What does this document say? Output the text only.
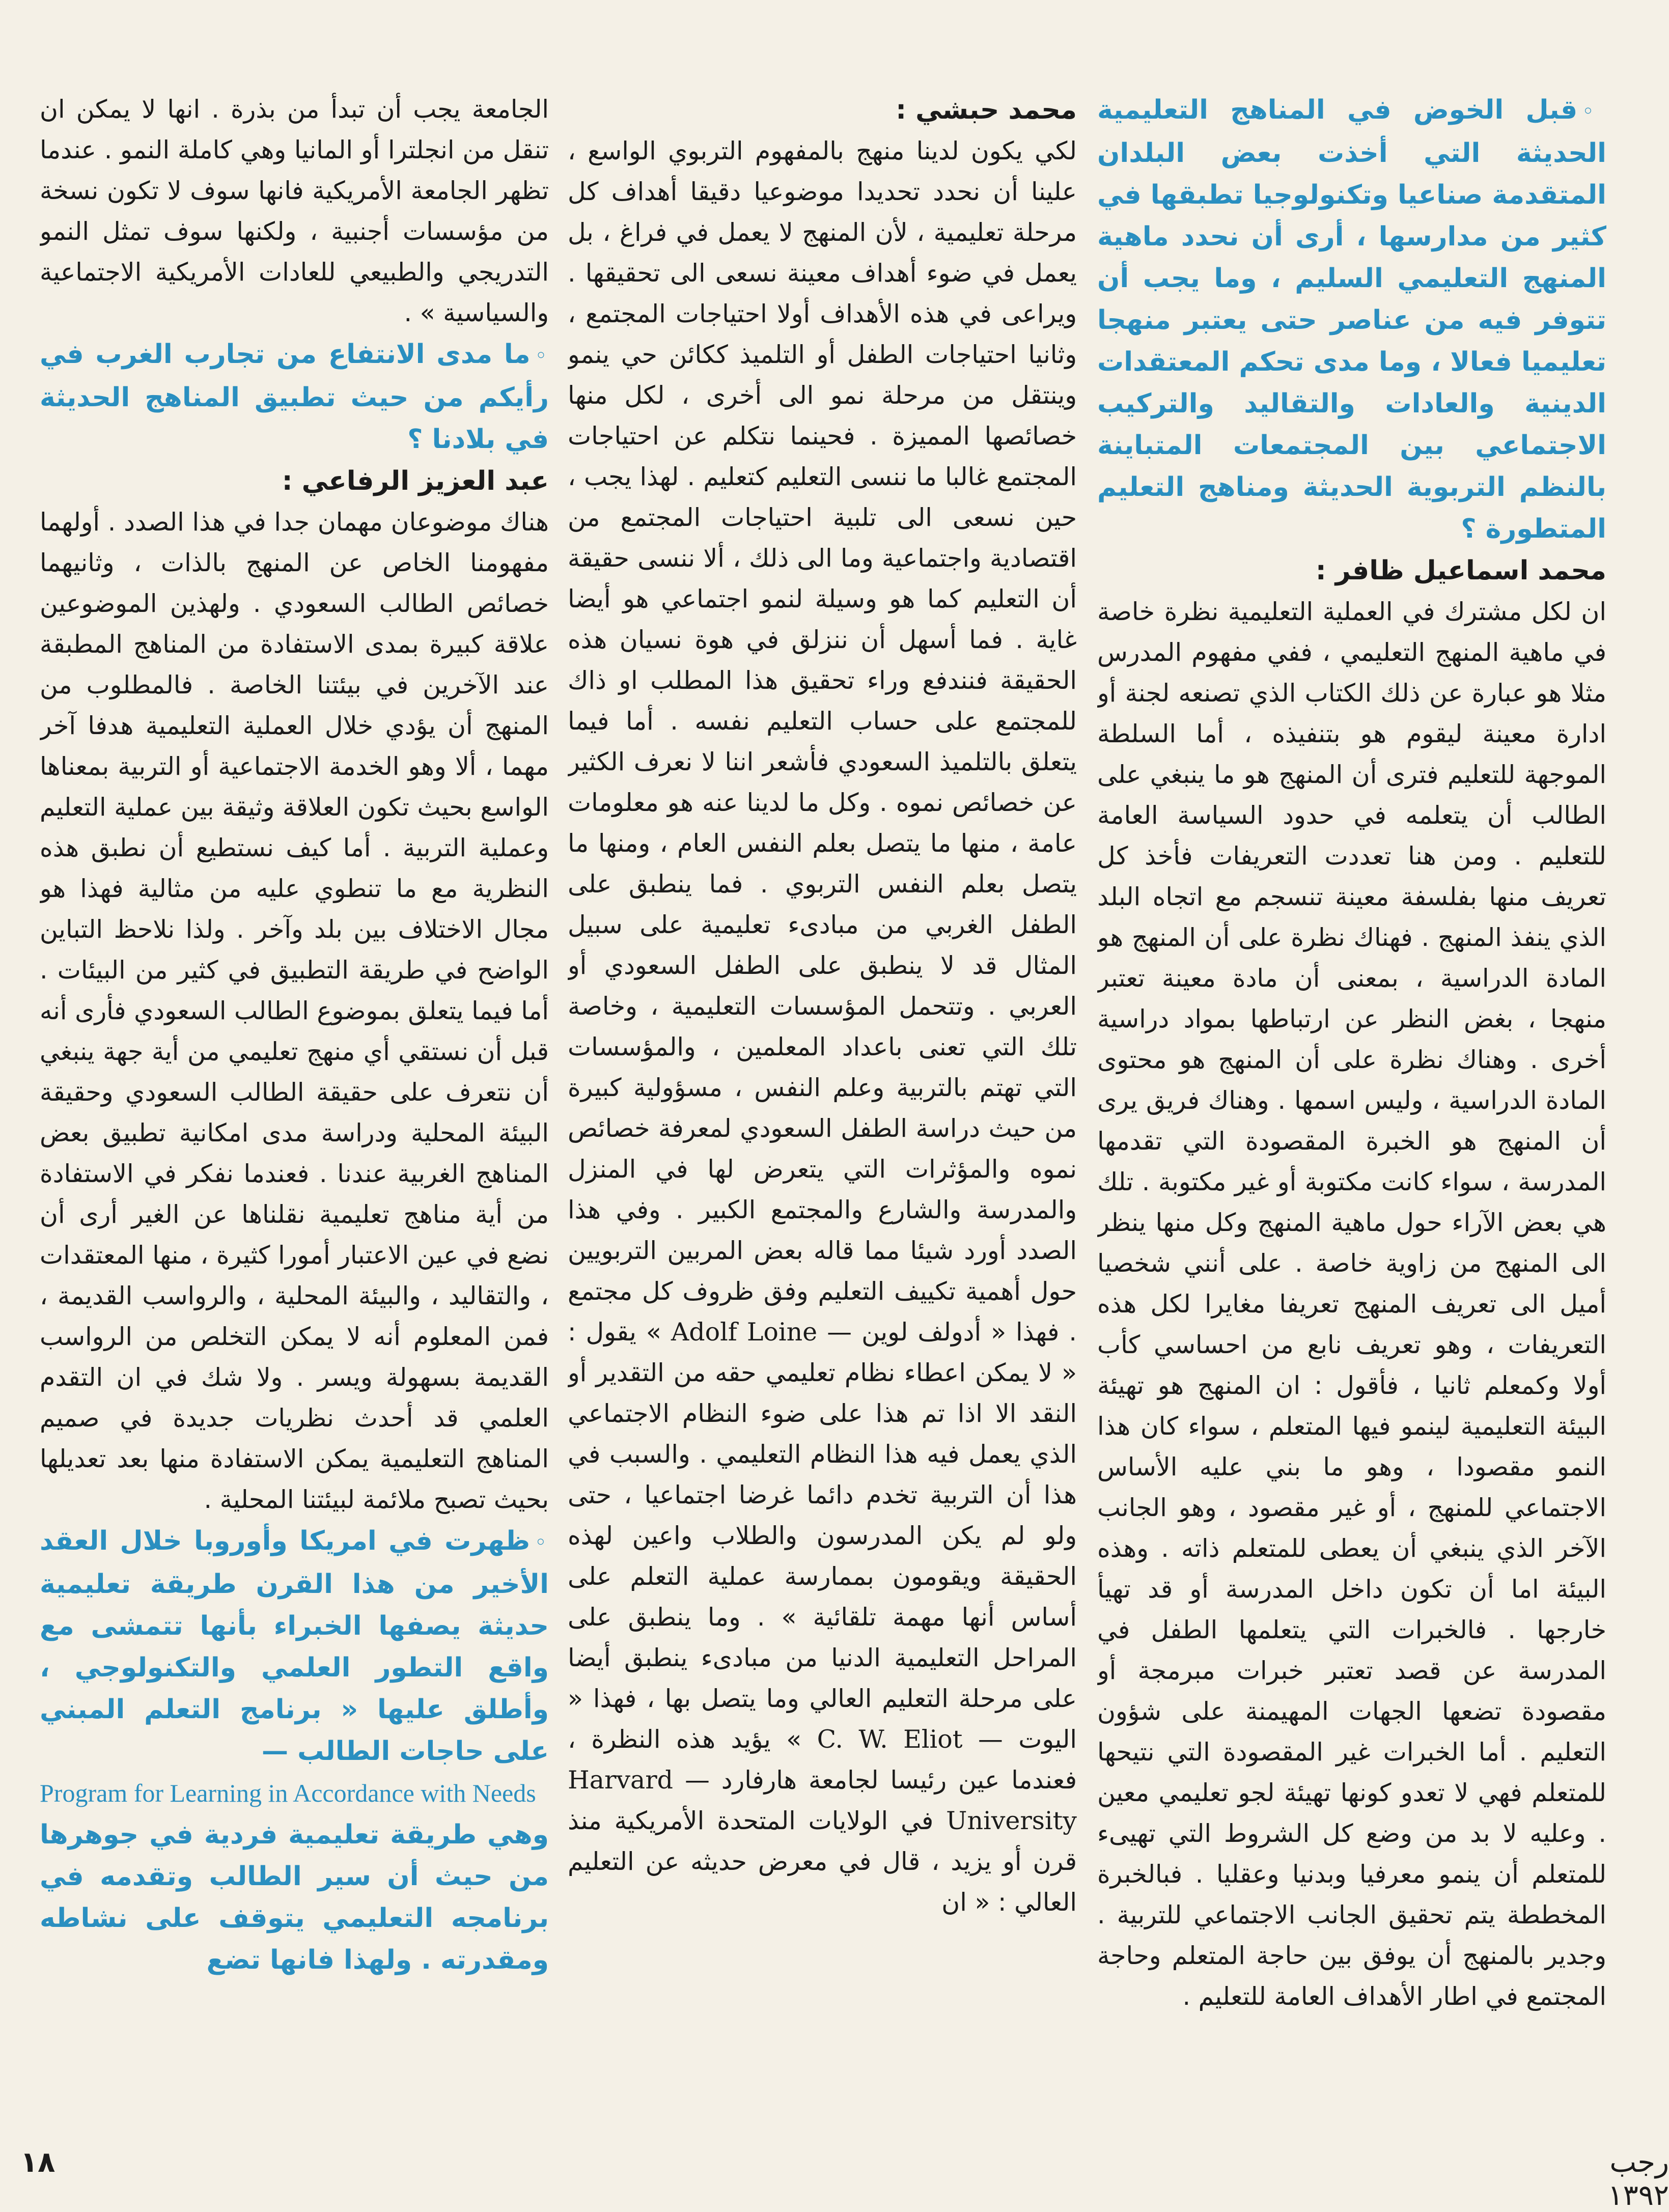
◦قبل الخوض في المناهج التعليمية الحديثة التي أخذت بعض البلدان المتقدمة صناعيا وتكنولوجيا تطبقها في كثير من مدارسها ، أرى أن نحدد ماهية المنهج التعليمي السليم ، وما يجب أن تتوفر فيه من عناصر حتى يعتبر منهجا تعليميا فعالا ، وما مدى تحكم المعتقدات الدينية والعادات والتقاليد والتركيب الاجتماعي بين المجتمعات المتباينة بالنظم التربوية الحديثة ومناهج التعليم المتطورة ؟

محمد اسماعيل ظافر :

ان لكل مشترك في العملية التعليمية نظرة خاصة في ماهية المنهج التعليمي ، ففي مفهوم المدرس مثلا هو عبارة عن ذلك الكتاب الذي تصنعه لجنة أو ادارة معينة ليقوم هو بتنفيذه ، أما السلطة الموجهة للتعليم فترى أن المنهج هو ما ينبغي على الطالب أن يتعلمه في حدود السياسة العامة للتعليم . ومن هنا تعددت التعريفات فأخذ كل تعريف منها بفلسفة معينة تنسجم مع اتجاه البلد الذي ينفذ المنهج . فهناك نظرة على أن المنهج هو المادة الدراسية ، بمعنى أن مادة معينة تعتبر منهجا ، بغض النظر عن ارتباطها بمواد دراسية أخرى . وهناك نظرة على أن المنهج هو محتوى المادة الدراسية ، وليس اسمها . وهناك فريق يرى أن المنهج هو الخبرة المقصودة التي تقدمها المدرسة ، سواء كانت مكتوبة أو غير مكتوبة . تلك هي بعض الآراء حول ماهية المنهج وكل منها ينظر الى المنهج من زاوية خاصة . على أنني شخصيا أميل الى تعريف المنهج تعريفا مغايرا لكل هذه التعريفات ، وهو تعريف نابع من احساسي كأب أولا وكمعلم ثانيا ، فأقول : ان المنهج هو تهيئة البيئة التعليمية لينمو فيها المتعلم ، سواء كان هذا النمو مقصودا ، وهو ما بني عليه الأساس الاجتماعي للمنهج ، أو غير مقصود ، وهو الجانب الآخر الذي ينبغي أن يعطى للمتعلم ذاته . وهذه البيئة اما أن تكون داخل المدرسة أو قد تهيأ خارجها . فالخبرات التي يتعلمها الطفل في المدرسة عن قصد تعتبر خبرات مبرمجة أو مقصودة تضعها الجهات المهيمنة على شؤون التعليم . أما الخبرات غير المقصودة التي نتيحها للمتعلم فهي لا تعدو كونها تهيئة لجو تعليمي معين . وعليه لا بد من وضع كل الشروط التي تهيىء للمتعلم أن ينمو معرفيا وبدنيا وعقليا . فبالخبرة المخططة يتم تحقيق الجانب الاجتماعي للتربية . وجدير بالمنهج أن يوفق بين حاجة المتعلم وحاجة المجتمع في اطار الأهداف العامة للتعليم .

محمد حبشي :

لكي يكون لدينا منهج بالمفهوم التربوي الواسع ، علينا أن نحدد تحديدا موضوعيا دقيقا أهداف كل مرحلة تعليمية ، لأن المنهج لا يعمل في فراغ ، بل يعمل في ضوء أهداف معينة نسعى الى تحقيقها . ويراعى في هذه الأهداف أولا احتياجات المجتمع ، وثانيا احتياجات الطفل أو التلميذ ككائن حي ينمو وينتقل من مرحلة نمو الى أخرى ، لكل منها خصائصها المميزة . فحينما نتكلم عن احتياجات المجتمع غالبا ما ننسى التعليم كتعليم . لهذا يجب ، حين نسعى الى تلبية احتياجات المجتمع من اقتصادية واجتماعية وما الى ذلك ، ألا ننسى حقيقة أن التعليم كما هو وسيلة لنمو اجتماعي هو أيضا غاية . فما أسهل أن ننزلق في هوة نسيان هذه الحقيقة فنندفع وراء تحقيق هذا المطلب او ذاك للمجتمع على حساب التعليم نفسه . أما فيما يتعلق بالتلميذ السعودي فأشعر اننا لا نعرف الكثير عن خصائص نموه . وكل ما لدينا عنه هو معلومات عامة ، منها ما يتصل بعلم النفس العام ، ومنها ما يتصل بعلم النفس التربوي . فما ينطبق على الطفل الغربي من مبادىء تعليمية على سبيل المثال قد لا ينطبق على الطفل السعودي أو العربي . وتتحمل المؤسسات التعليمية ، وخاصة تلك التي تعنى باعداد المعلمين ، والمؤسسات التي تهتم بالتربية وعلم النفس ، مسؤولية كبيرة من حيث دراسة الطفل السعودي لمعرفة خصائص نموه والمؤثرات التي يتعرض لها في المنزل والمدرسة والشارع والمجتمع الكبير . وفي هذا الصدد أورد شيئا مما قاله بعض المربين التربويين حول أهمية تكييف التعليم وفق ظروف كل مجتمع . فهذا « أدولف لوين — Adolf Loine » يقول : « لا يمكن اعطاء نظام تعليمي حقه من التقدير أو النقد الا اذا تم هذا على ضوء النظام الاجتماعي الذي يعمل فيه هذا النظام التعليمي . والسبب في هذا أن التربية تخدم دائما غرضا اجتماعيا ، حتى ولو لم يكن المدرسون والطلاب واعين لهذه الحقيقة ويقومون بممارسة عملية التعلم على أساس أنها مهمة تلقائية » . وما ينطبق على المراحل التعليمية الدنيا من مبادىء ينطبق أيضا على مرحلة التعليم العالي وما يتصل بها ، فهذا « اليوت — C. W. Eliot » يؤيد هذه النظرة ، فعندما عين رئيسا لجامعة هارفارد — Harvard University في الولايات المتحدة الأمريكية منذ قرن أو يزيد ، قال في معرض حديثه عن التعليم العالي : « ان

الجامعة يجب أن تبدأ من بذرة . انها لا يمكن ان تنقل من انجلترا أو المانيا وهي كاملة النمو . عندما تظهر الجامعة الأمريكية فانها سوف لا تكون نسخة من مؤسسات أجنبية ، ولكنها سوف تمثل النمو التدريجي والطبيعي للعادات الأمريكية الاجتماعية والسياسية » .

◦ما مدى الانتفاع من تجارب الغرب في رأيكم من حيث تطبيق المناهج الحديثة في بلادنا ؟

عبد العزيز الرفاعي :

هناك موضوعان مهمان جدا في هذا الصدد . أولهما مفهومنا الخاص عن المنهج بالذات ، وثانيهما خصائص الطالب السعودي . ولهذين الموضوعين علاقة كبيرة بمدى الاستفادة من المناهج المطبقة عند الآخرين في بيئتنا الخاصة . فالمطلوب من المنهج أن يؤدي خلال العملية التعليمية هدفا آخر مهما ، ألا وهو الخدمة الاجتماعية أو التربية بمعناها الواسع بحيث تكون العلاقة وثيقة بين عملية التعليم وعملية التربية . أما كيف نستطيع أن نطبق هذه النظرية مع ما تنطوي عليه من مثالية فهذا هو مجال الاختلاف بين بلد وآخر . ولذا نلاحظ التباين الواضح في طريقة التطبيق في كثير من البيئات . أما فيما يتعلق بموضوع الطالب السعودي فأرى أنه قبل أن نستقي أي منهج تعليمي من أية جهة ينبغي أن نتعرف على حقيقة الطالب السعودي وحقيقة البيئة المحلية ودراسة مدى امكانية تطبيق بعض المناهج الغربية عندنا . فعندما نفكر في الاستفادة من أية مناهج تعليمية نقلناها عن الغير أرى أن نضع في عين الاعتبار أمورا كثيرة ، منها المعتقدات ، والتقاليد ، والبيئة المحلية ، والرواسب القديمة ، فمن المعلوم أنه لا يمكن التخلص من الرواسب القديمة بسهولة ويسر . ولا شك في ان التقدم العلمي قد أحدث نظريات جديدة في صميم المناهج التعليمية يمكن الاستفادة منها بعد تعديلها بحيث تصبح ملائمة لبيئتنا المحلية .

◦ظهرت في امريكا وأوروبا خلال العقد الأخير من هذا القرن طريقة تعليمية حديثة يصفها الخبراء بأنها تتمشى مع واقع التطور العلمي والتكنولوجي ، وأطلق عليها « برنامج التعلم المبني على حاجات الطالب —

Program for Learning in Accordance with Needs

وهي طريقة تعليمية فردية في جوهرها من حيث أن سير الطالب وتقدمه في برنامجه التعليمي يتوقف على نشاطه ومقدرته . ولهذا فانها تضع

١٨	رجب ١٣٩٢
